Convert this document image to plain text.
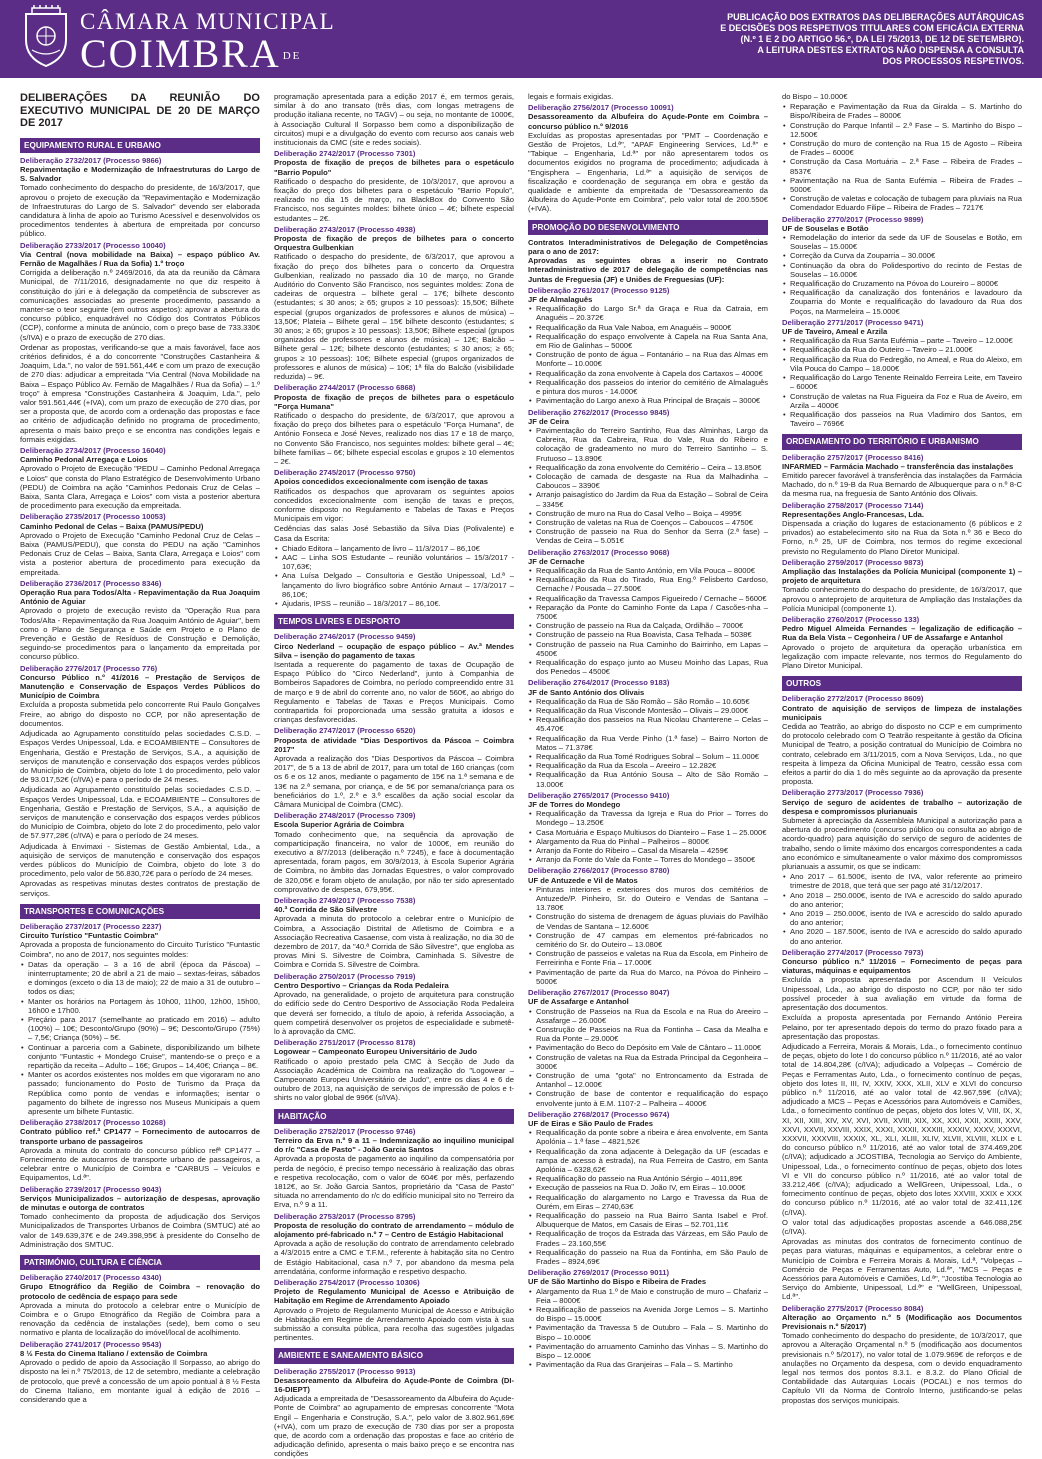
CÂMARA MUNICIPAL
COIMBRA $^{DE}$

PUBLICAÇÃO DOS EXTRATOS DAS DELIBERAÇÕES AUTÁRQUICAS

E DECISÕES DOS RESPETIVOS TITULARES COM EFICÁCIA EXTERNA

(N.º 1 E 2 DO ARTIGO 56.º, DA LEI 75/2013, DE 12 DE SETEMBRO).

A LEITURA DESTES EXTRATOS NÃO DISPENSA A CONSULTA

DOS PROCESSOS RESPETIVOS.

DELIBERAÇÕES DA REUNIÃO DO EXECUTIVO MUNICIPAL DE 20 DE MARÇO DE 2017
EQUIPAMENTO RURAL E URBANO
Deliberação 2732/2017 (Processo 9866)
Repavimentação e Modernização de Infraestruturas do Largo de S. Salvador

Tomado conhecimento do despacho do presidente, de 16/3/2017, que aprovou o projeto de execução da "Repavimentação e Modernização de Infraestruturas do Largo de S. Salvador" devendo ser elaborada candidatura à linha de apoio ao Turismo Acessível e desenvolvidos os procedimentos tendentes à abertura de empreitada por concurso público.

Deliberação 2733/2017 (Processo 10040)
Via Central (nova mobilidade na Baixa) – espaço público Av. Fernão de Magalhães / Rua da Sofia) 1.º troço

Corrigida a deliberação n.º 2469/2016, da ata da reunião da Câmara Municipal, de 7/11/2016, designadamente no que diz respeito à constituição do júri e à delegação da competência de subscrever as comunicações associadas ao presente procedimento, passando a manter-se o teor seguinte (em outros aspetos): aprovar a abertura do concurso público, enquadrável no Código dos Contratos Públicos (CCP), conforme a minuta de anúncio, com o preço base de 733.330€ (s/IVA) e o prazo de execução de 270 dias.

Ordenar as propostas, verificando-se que a mais favorável, face aos critérios definidos, é a do concorrente "Construções Castanheira & Joaquim, Lda.", no valor de 591.561,44€ e com um prazo de execução de 270 dias: adjudicar a empreitada "Via Central (Nova Mobilidade na Baixa – Espaço Público Av. Fernão de Magalhães / Rua da Sofia) – 1.º troço" à empresa "Construções Castanheira & Joaquim, Lda.", pelo valor 591.561,44€ (+IVA), com um prazo de execução de 270 dias, por ser a proposta que, de acordo com a ordenação das propostas e face ao critério de adjudicação definido no programa de procedimento, apresenta o mais baixo preço e se encontra nas condições legais e formais exigidas.

Deliberação 2734/2017 (Processo 16040)
Caminho Pedonal Arregaça e Loios

Aprovado o Projeto de Execução "PEDU – Caminho Pedonal Arregaça e Loios" que consta do Plano Estratégico de Desenvolvimento Urbano (PEDU) de Coimbra na ação "Caminhos Pedonais Cruz de Celas – Baixa, Santa Clara, Arregaça e Loios" com vista a posterior abertura de procedimento para execução da empreitada.

Deliberação 2735/2017 (Processo 10053)
Caminho Pedonal de Celas – Baixa (PAMUS/PEDU)

Aprovado o Projeto de Execução "Caminho Pedonal Cruz de Celas – Baixa (PAMUS/PEDU), que consta do PEDU na ação "Caminhos Pedonais Cruz de Celas – Baixa, Santa Clara, Arregaça e Loios" com vista a posterior abertura de procedimento para execução da empreitada.

Deliberação 2736/2017 (Processo 8346)
Operação Rua para Todos/Alta - Repavimentação da Rua Joaquim António de Aguiar

Aprovado o projeto de execução revisto da "Operação Rua para Todos/Alta - Repavimentação da Rua Joaquim António de Aguiar", bem como o Plano de Segurança e Saúde em Projeto e o Plano de Prevenção e Gestão de Resíduos de Construção e Demolição, seguindo-se procedimentos para o lançamento da empreitada por concurso público.

Deliberação 2776/2017 (Processo 776)
Concurso Público n.º 41/2016 – Prestação de Serviços de Manutenção e Conservação de Espaços Verdes Públicos do Município de Coimbra

Excluída a proposta submetida pelo concorrente Rui Paulo Gonçalves Freire, ao abrigo do disposto no CCP, por não apresentação de documentos.

Adjudicada ao Agrupamento constituído pelas sociedades C.S.D. – Espaços Verdes Unipessoal, Lda. e ECOAMBIENTE – Consultores de Engenharia, Gestão e Prestação de Serviços, S.A., a aquisição de serviços de manutenção e conservação dos espaços verdes públicos do Município de Coimbra, objeto do lote 1 do procedimento, pelo valor de 93.017,52€ (c/IVA) e para o período de 24 meses.

Adjudicada ao Agrupamento constituído pelas sociedades C.S.D. – Espaços Verdes Unipessoal, Lda. e ECOAMBIENTE – Consultores de Engenharia, Gestão e Prestação de Serviços, S.A., a aquisição de serviços de manutenção e conservação dos espaços verdes públicos do Município de Coimbra, objeto do lote 2 do procedimento, pelo valor de 57.977,28€ (c/IVA) e para o período de 24 meses.

Adjudicada à Envimaxi - Sistemas de Gestão Ambiental, Lda., a aquisição de serviços de manutenção e conservação dos espaços verdes públicos do Município de Coimbra, objeto do lote 3 do procedimento, pelo valor de 56.830,72€ para o período de 24 meses.

Aprovadas as respetivas minutas destes contratos de prestação de serviços.

TRANSPORTES E COMUNICAÇÕES
Deliberação 2737/2017 (Processo 2237)
Circuito Turístico "Funtastic Coimbra"

Aprovada a proposta de funcionamento do Circuito Turístico "Funtastic Coimbra", no ano de 2017, nos seguintes moldes:

• Datas da operação – 3 a 16 de abril (época da Páscoa) – ininterruptamente; 20 de abril a 21 de maio – sextas-feiras, sábados e domingos (exceto o dia 13 de maio); 22 de maio a 31 de outubro – todos os dias;
• Manter os horários na Portagem às 10h00, 11h00, 12h00, 15h00, 16h00 e 17h00.
• Preçário para 2017 (semelhante ao praticado em 2016) – adulto (100%) – 10€; Desconto/Grupo (90%) – 9€; Desconto/Grupo (75%) – 7,5€; Criança (50%) – 5€.
• Continuar a parceria com a Gabinete, disponibilizando um bilhete conjunto "Funtastic + Mondego Cruise", mantendo-se o preço e a repartição da receita – Adulto – 16€; Grupos – 14,40€; Criança – 8€.
• Manter os acordos existentes nos moldes em que vigoraram no ano passado; funcionamento do Posto de Turismo da Praça da República como ponto de vendas e informações; isentar o pagamento do bilhete de ingresso nos Museus Municipais a quem apresente um bilhete Funtastic.
Deliberação 2738/2017 (Processo 10268)
Contrato público ref.ª CP1477 – Fornecimento de autocarros de transporte urbano de passageiros

Aprovada a minuta do contrato do concurso público refª CP1477 – Fornecimento de autocarros de transporte urbano de passageiros, a celebrar entre o Município de Coimbra e "CARBUS – Veículos e Equipamentos, Ld.ª".

Deliberação 2739/2017 (Processo 9043)
Serviços Municipalizados – autorização de despesas, aprovação de minutas e outorga de contratos

Tomado conhecimento da proposta de adjudicação dos Serviços Municipalizados de Transportes Urbanos de Coimbra (SMTUC) até ao valor de 149.639,37€ e de 249.398,95€ à presidente do Conselho de Administração dos SMTUC.

PATRIMÓNIO, CULTURA E CIÊNCIA
Deliberação 2740/2017 (Processo 4340)
Grupo Etnográfico da Região de Coimbra – renovação do protocolo de cedência de espaço para sede

Aprovada a minuta do protocolo a celebrar entre o Município de Coimbra e o Grupo Etnográfico da Região de Coimbra para a renovação da cedência de instalações (sede), bem como o seu normativo e planta de localização do imóvel/local de acolhimento.

Deliberação 2741/2017 (Processo 9543)
8 ½ Festa do Cinema Italiano / extensão de Coimbra

Aprovado o pedido de apoio da Associação Il Sorpasso, ao abrigo do disposto na lei n.º 75/2013, de 12 de setembro, mediante a celebração de protocolo, que prevê a concessão de um apoio pontual à 8 ½ Festa do Cinema Italiano, em montante igual à edição de 2016 – considerando que a

programação apresentada para a edição 2017 é, em termos gerais, similar à do ano transato (três dias, com longas metragens de produção italiana recente, no TAGV) – ou seja, no montante de 1000€, à Associação Cultural Il Sorpasso bem como a disponibilização de circuitos) mupi e a divulgação do evento com recurso aos canais web institucionais da CMC (site e redes sociais).

Deliberação 2742/2017 (Processo 7301)
Proposta de fixação de preços de bilhetes para o espetáculo "Barrio Populo"

Ratificado o despacho do presidente, de 10/3/2017, que aprovou a fixação do preço dos bilhetes para o espetáculo "Barrio Populo", realizado no dia 15 de março, na BlackBox do Convento São Francisco, nos seguintes moldes: bilhete único – 4€; bilhete especial estudantes – 2€.

Deliberação 2743/2017 (Processo 4938)
Proposta de fixação de preços de bilhetes para o concerto Orquestra Gulbenkian

Ratificado o despacho do presidente, de 6/3/2017, que aprovou a fixação do preço dos bilhetes para o concerto da Orquestra Gulbenkian, realizado no passado dia 10 de março, no Grande Auditório do Convento São Francisco, nos seguintes moldes: Zona de cadeiras de orquestra – bilhete geral – 17€; bilhete desconto (estudantes; ≤ 30 anos; ≥ 65; grupos ≥ 10 pessoas): 15,50€; Bilhete especial (grupos organizados de professores e alunos de música) – 13,50€; Plateia – Bilhete geral – 15€ bilhete desconto (estudantes; ≤ 30 anos; ≥ 65; grupos ≥ 10 pessoas): 13,50€; Bilhete especial (grupos organizados de professores e alunos de música) – 12€; Balcão – Bilhete geral – 12€; bilhete desconto (estudantes; ≤ 30 anos; ≥ 65; grupos ≥ 10 pessoas): 10€; Bilhete especial (grupos organizados de professores e alunos de música) – 10€; 1ª fila do Balcão (visibilidade reduzida) – 9€.

Deliberação 2744/2017 (Processo 6868)
Proposta de fixação de preços de bilhetes para o espetáculo "Força Humana"

Ratificado o despacho do presidente, de 6/3/2017, que aprovou a fixação do preço dos bilhetes para o espetáculo "Força Humana", de António Fonseca e José Neves, realizado nos dias 17 e 18 de março, no Convento São Francisco, nos seguintes moldes: bilhete geral – 4€; bilhete famílias – 6€; bilhete especial escolas e grupos ≥ 10 elementos – 2€.

Deliberação 2745/2017 (Processo 9750)
Apoios concedidos excecionalmente com isenção de taxas

Ratificados os despachos que aprovaram os seguintes apoios concedidos excecionalmente com isenção de taxas e preços, conforme disposto no Regulamento e Tabelas de Taxas e Preços Municipais em vigor:

Cedências das salas José Sebastião da Silva Dias (Polivalente) e Casa da Escrita:

• Chiado Editora – lançamento de livro – 11/3/2017 – 86,10€
• AAC – Linha SOS Estudante – reunião voluntários – 15/3/2017 - 107,63€;
• Ana Luísa Delgado – Consultoria e Gestão Unipessoal, Ld.ª – lançamento do livro biográfico sobre António Arnaut – 17/3/2017 – 86,10€;
• Ajudaris, IPSS – reunião – 18/3/2017 – 86,10€.
TEMPOS LIVRES E DESPORTO
Deliberação 2746/2017 (Processo 9459)
Circo Nederland – ocupação de espaço público – Av.ª Mendes Silva – isenção do pagamento de taxas

Isentada a requerente do pagamento de taxas de Ocupação de Espaço Público do "Circo Nederland", junto à Companhia de Bombeiros Sapadores de Coimbra, no período compreendido entre 31 de março e 9 de abril do corrente ano, no valor de 560€, ao abrigo do Regulamento e Tabelas de Taxas e Preços Municipais. Como contrapartida foi proporcionada uma sessão gratuita a idosos e crianças desfavorecidas.

Deliberação 2747/2017 (Processo 6520)
Proposta de atividade "Dias Desportivos da Páscoa – Coimbra 2017"

Aprovada a realização dos "Dias Desportivos da Páscoa – Coimbra 2017", de 5 a 13 de abril de 2017, para um total de 160 crianças (com os 6 e os 12 anos, mediante o pagamento de 15€ na 1.ª semana e de 13€ na 2.ª semana, por criança, e de 5€ por semana/criança para os beneficiários do 1.º, 2.º e 3.º escalões da ação social escolar da Câmara Municipal de Coimbra (CMC).

Deliberação 2748/2017 (Processo 7309)
Escola Superior Agrária de Coimbra

Tomado conhecimento que, na sequência da aprovação de comparticipação financeira, no valor de 1000€, em reunião do executivo a 8/7/2013 (deliberação n.º 7245), e face à documentação apresentada, foram pagos, em 30/9/2013, à Escola Superior Agrária de Coimbra, no âmbito das Jornadas Equestres, o valor comprovado de 320,05€ e foram objeto de anulação, por não ter sido apresentado comprovativo de despesa, 679,95€.

Deliberação 2749/2017 (Processo 7538)
40.ª Corrida de São Silvestre

Aprovada a minuta do protocolo a celebrar entre o Município de Coimbra, a Associação Distrital de Atletismo de Coimbra e a Associação Recreativa Casaense, com vista à realização, no dia 30 de dezembro de 2017, da "40.ª Corrida de São Silvestre", que engloba as provas Mini S. Silvestre de Coimbra, Caminhada S. Silvestre de Coimbra e Corrida S. Silvestre de Coimbra.

Deliberação 2750/2017 (Processo 7919)
Centro Desportivo – Crianças da Roda Pedaleira

Aprovado, na generalidade, o projeto de arquitetura para construção do edifício sede do Centro Desportivo de Associação Roda Pedaleira que deverá ser fornecido, a título de apoio, à referida Associação, a quem competirá desenvolver os projetos de especialidade e submetê-lo à aprovação da CMC.

Deliberação 2751/2017 (Processo 8178)
Logowear – Campeonato Europeu Universitário de Judo

Ratificado o apoio prestado pela CMC à Secção de Judo da Associação Académica de Coimbra na realização do "Logowear – Campeonato Europeu Universitário de Judo", entre os dias 4 e 6 de outubro de 2013, na aquisição de serviços de impressão de polos e t-shirts no valor global de 996€ (s/IVA).

HABITAÇÃO
Deliberação 2752/2017 (Processo 9746)
Terreiro da Erva n.º 9 a 11 – Indemnização ao inquilino municipal do r/c "Casa de Pasto" - João Garcia Santos

Aprovada a proposta de pagamento ao inquilino da compensatória por perda de negócio, é preciso tempo necessário à realização das obras e respetiva recolocação, com o valor de 604€ por mês, perfazendo 1812€, ao Sr. João Garcia Santos, proprietário da "Casa de Pasto" situada no arrendamento do r/c do edifício municipal sito no Terreiro da Erva, n.º 9 a 11.

Deliberação 2753/2017 (Processo 8795)
Proposta de resolução do contrato de arrendamento – módulo de alojamento pré-fabricado n.º 7 – Centro de Estágio Habitacional

Aprovada a ação de resolução do contrato de arrendamento celebrado a 4/3/2015 entre a CMC e T.F.M., referente à habitação sita no Centro de Estágio Habitacional, casa n.º 7, por abandono da mesma pela arrendatária, conforme informação e respetivo despacho.

Deliberação 2754/2017 (Processo 10306)
Projeto de Regulamento Municipal de Acesso e Atribuição de Habitação em Regime de Arrendamento Apoiado

Aprovado o Projeto de Regulamento Municipal de Acesso e Atribuição de Habitação em Regime de Arrendamento Apoiado com vista à sua submissão a consulta pública, para recolha das sugestões julgadas pertinentes.

AMBIENTE E SANEAMENTO BÁSICO
Deliberação 2755/2017 (Processo 9913)
Desassoreamento da Albufeira do Açude-Ponte de Coimbra (DI-16-DIEPT)

Adjudicada a empreitada de "Desassoreamento da Albufeira do Açude-Ponte de Coimbra" ao agrupamento de empresas concorrente "Mota Engil – Engenharia e Construção, S.A.", pelo valor de 3.802.961,69€ (+IVA), com um prazo de execução de 730 dias por ser a proposta que, de acordo com a ordenação das propostas e face ao critério de adjudicação definido, apresenta o mais baixo preço e se encontra nas condições

legais e formais exigidas.

Deliberação 2756/2017 (Processo 10091)
Desassoreamento da Albufeira do Açude-Ponte em Coimbra – concurso público n.º 9/2016

Excluídas as propostas apresentadas por "PMT – Coordenação e Gestão de Projetos, Ld.ª", "APAF Engineering Services, Ld.ª" e "Tabique – Engenharia, Ld.ª" por não apresentarem todos os documentos exigidos no programa de procedimento; adjudicada à "Engisphera – Engenharia, Ld.ª" a aquisição de serviços de fiscalização e coordenação de segurança em obra e gestão da qualidade e ambiente da empreitada de "Desassoreamento da Albufeira do Açude-Ponte em Coimbra", pelo valor total de 200.550€ (+IVA).

PROMOÇÃO DO DESENVOLVIMENTO
Contratos Interadministrativos de Delegação de Competências para o ano de 2017:
Aprovadas as seguintes obras a inserir no Contrato Interadministrativo de 2017 de delegação de competências nas Juntas de Freguesia (JF) e Uniões de Freguesias (UF):
Deliberação 2761/2017 (Processo 9125)
JF de Almalaguês
• Requalificação do Largo Sr.ª da Graça e Rua da Catraia, em Anaguéis – 20.372€
• Requalificação da Rua Vale Naboa, em Anaguéis – 9000€
• Requalificação do espaço envolvente à Capela na Rua Santa Ana, em Rio de Galinhas – 5000€
• Construção de ponto de água – Fontanário – na Rua das Almas em Monforte – 10.000€
• Requalificação da zona envolvente à Capela dos Cartaxos – 4000€
• Requalificação dos passeios do interior do cemitério de Almalaguês e pintura dos muros - 14.000€
• Pavimentação do Largo anexo à Rua Principal de Braçais – 3000€
Deliberação 2762/2017 (Processo 9845)
JF de Ceira
• Pavimentação do Terreiro Santinho, Rua das Alminhas, Largo da Cabreira, Rua da Cabreira, Rua do Vale, Rua do Ribeiro e colocação de gradeamento no muro do Terreiro Santinho – S. Frutuoso – 13.890€
• Requalificação da zona envolvente do Cemitério – Ceira – 13.850€
• Colocação de camada de desgaste na Rua da Malhadinha – Caboucos – 3390€
• Arranjo paisagístico do Jardim da Rua da Estação – Sobral de Ceira – 3345€
• Construção de muro na Rua do Casal Velho – Boiça – 4995€
• Construção de valetas na Rua de Coenços – Caboucos – 4750€
• Construção de passeio na Rua do Senhor da Serra (2.ª fase) – Vendas de Ceira – 5.051€
Deliberação 2763/2017 (Processo 9068)
JF de Cernache
• Requalificação da Rua de Santo António, em Vila Pouca – 8000€
• Requalificação da Rua do Tirado, Rua Eng.º Felisberto Cardoso, Cernache / Pousada – 27.500€
• Requalificação da Travessa Campos Figueiredo / Cernache – 5600€
• Reparação da Ponte do Caminho Fonte da Lapa / Cascões-nha – 7500€
• Construção de passeio na Rua da Calçada, Ordilhão – 7000€
• Construção de passeio na Rua Boavista, Casa Telhada – 5038€
• Construção de passeio na Rua Caminho do Bairrinho, em Lapas – 4500€
• Requalificação do espaço junto ao Museu Moinho das Lapas, Rua dos Penedos – 4500€
Deliberação 2764/2017 (Processo 9183)
JF de Santo António dos Olivais
• Requalificação da Rua de São Romão – São Romão – 10.605€
• Requalificação da Rua Visconde Montesão – Olivais – 29.000€
• Requalificação dos passeios na Rua Nicolau Chanterene – Celas – 45.470€
• Requalificação da Rua Verde Pinho (1.ª fase) – Bairro Norton de Matos – 71.378€
• Requalificação da Rua Tomé Rodrigues Sobral – Solum – 11.000€
• Requalificação da Rua da Escola – Areeiro – 12.282€
• Requalificação da Rua António Sousa – Alto de São Romão – 13.000€
Deliberação 2765/2017 (Processo 9410)
JF de Torres do Mondego
• Requalificação da Travessa da Igreja e Rua do Prior – Torres do Mondego – 13.250€
• Casa Mortuária e Espaço Multiusos do Dianteiro – Fase 1 – 25.000€
• Alargamento da Rua do Pinhal – Palheiros – 8000€
• Arranjo da Fonte do Ribeiro – Casal da Misarela – 4259€
• Arranjo da Fonte do Vale da Fonte – Torres do Mondego – 3500€
Deliberação 2766/2017 (Processo 8780)
UF de Antuzede e Vil de Matos
• Pinturas interiores e exteriores dos muros dos cemitérios de Antuzede/P. Pinheiro, Sr. do Outeiro e Vendas de Santana – 13.780€
• Construção do sistema de drenagem de águas pluviais do Pavilhão de Vendas de Santana – 12.600€
• Construção de 47 campas em elementos pré-fabricados no cemitério do Sr. do Outeiro – 13.080€
• Construção de passeios e valetas na Rua da Escola, em Pinheiro de Ferreirinha e Fonte Fria – 17.000€
• Pavimentação de parte da Rua do Marco, na Póvoa do Pinheiro – 5000€
Deliberação 2767/2017 (Processo 8047)
UF de Assafarge e Antanhol
• Construção de Passeios na Rua da Escola e na Rua do Areeiro – Assafarge – 26.000€
• Construção de Passeios na Rua da Fontinha – Casa da Mealha e Rua da Ponte – 29.000€
• Pavimentação do Beco do Depósito em Vale de Cântaro – 11.000€
• Construção de valetas na Rua da Estrada Principal da Cegonheira – 3000€
• Construção de uma "gota" no Entroncamento da Estrada de Antanhol – 12.000€
• Construção de base de contentor e requalificação do espaço envolvente junto à E.M. 1107-2 – Palheira – 4000€
Deliberação 2768/2017 (Processo 9674)
UF de Eiras e São Paulo de Frades
• Requalificação da ponte sobre a ribeira e área envolvente, em Santa Apolónia – 1.ª fase – 4821,52€
• Requalificação da zona adjacente à Delegação da UF (escadas e rampa de acesso à estrada), na Rua Ferreira de Castro, em Santa Apolónia – 6328,62€
• Requalificação do passeio na Rua António Sérgio – 4011,89€
• Execução de passeios na Rua D. João IV, em Eiras – 10.000€
• Requalificação do alargamento no Largo e Travessa da Rua de Ourém, em Eiras – 2740,63€
• Requalificação do passeio na Rua Bairro Santa Isabel e Prof. Albuquerque de Matos, em Casais de Eiras – 52.701,11€
• Requalificação de troços da Estrada das Várzeas, em São Paulo de Frades – 23.160,55€
• Requalificação do passeio na Rua da Fontinha, em São Paulo de Frades – 8924,69€
Deliberação 2769/2017 (Processo 9011)
UF de São Martinho do Bispo e Ribeira de Frades
• Alargamento da Rua 1.º de Maio e construção de muro – Chafariz – Feia – 8000€
• Requalificação de passeios na Avenida Jorge Lemos – S. Martinho do Bispo – 15.000€
• Pavimentação da Travessa 5 de Outubro – Fala – S. Martinho do Bispo – 10.000€
• Pavimentação do arruamento Caminho das Vinhas – S. Martinho do Bispo – 12.000€
• Pavimentação da Rua das Granjeiras – Fala – S. Martinho

do Bispo – 10.000€

• Reparação e Pavimentação da Rua da Giralda – S. Martinho do Bispo/Ribeira de Frades – 8000€
• Construção do Parque Infantil – 2.ª Fase – S. Martinho do Bispo – 12.500€
• Construção do muro de contenção na Rua 15 de Agosto – Ribeira de Frades – 6000€
• Construção da Casa Mortuária – 2.ª Fase – Ribeira de Frades – 8537€
• Pavimentação na Rua de Santa Eufémia – Ribeira de Frades – 5000€
• Construção de valetas e colocação de tubagem para pluviais na Rua Comendador Eduardo Filipe – Ribeira de Frades – 7217€
Deliberação 2770/2017 (Processo 9899)
UF de Souselas e Botão
• Remodelação do interior da sede da UF de Souselas e Botão, em Souselas – 15.000€
• Correção da Curva da Zouparria – 30.000€
• Continuação da obra do Polidesportivo do recinto de Festas de Souselas – 16.000€
• Requalificação do Cruzamento na Póvoa do Loureiro – 8000€
• Requalificação da canalização dos fontenários e lavadouro da Zouparria do Monte e requalificação do lavadouro da Rua dos Poços, na Marmeleira – 15.000€
Deliberação 2771/2017 (Processo 9471)
UF de Taveiro, Ameal e Arzila
• Requalificação da Rua Santa Eufémia – parte – Taveiro – 12.000€
• Requalificação da Rua do Outeiro – Taveiro – 21.000€
• Requalificação da Rua do Fedregão, no Ameal, e Rua do Aleixo, em Vila Pouca do Campo – 18.000€
• Requalificação do Largo Tenente Reinaldo Ferreira Leite, em Taveiro – 6000€
• Construção de valetas na Rua Figueira da Foz e Rua de Aveiro, em Arzila – 4000€
• Requalificação dos passeios na Rua Vladimiro dos Santos, em Taveiro – 7696€
ORDENAMENTO DO TERRITÓRIO E URBANISMO
Deliberação 2757/2017 (Processo 8416)
INFARMED – Farmácia Machado – transferência das instalações

Emitido parecer favorável à transferência das instalações da Farmácia Machado, do n.º 19-B da Rua Bernardo de Albuquerque para o n.º 8-C da mesma rua, na freguesia de Santo António dos Olivais.

Deliberação 2758/2017 (Processo 7144)
Representações Anglo-Francesas, Lda.

Dispensada a criação do lugares de estacionamento (6 públicos e 2 privados) ao estabelecimento sito na Rua da Sota n.º 36 e Beco do Forno, n.º 25, UF de Coimbra, nos termos do regime excecional previsto no Regulamento do Plano Diretor Municipal.

Deliberação 2759/2017 (Processo 9873)
Ampliação das Instalações da Polícia Municipal (componente 1) – projeto de arquitetura

Tomado conhecimento do despacho do presidente, de 16/3/2017, que aprovou o anteprojeto de arquitetura de Ampliação das Instalações da Polícia Municipal (componente 1).

Deliberação 2760/2017 (Processo 133)
Pedro Miguel Almeida Fernandes – legalização de edificação – Rua da Bela Vista – Cegonheira / UF de Assafarge e Antanhol

Aprovado o projeto de arquitetura da operação urbanística em legalização com impacte relevante, nos termos do Regulamento do Plano Diretor Municipal.

OUTROS
Deliberação 2772/2017 (Processo 8609)
Contrato de aquisição de serviços de limpeza de instalações municipais

Cedida ao Teatrão, ao abrigo do disposto no CCP e em cumprimento do protocolo celebrado com O Teatrão respeitante à gestão da Oficina Municipal de Teatro, a posição contratual do Município de Coimbra no contrato, celebrado em 3/11/2015, com a Nova Serviços, Lda., no que respeita à limpeza da Oficina Municipal de Teatro, cessão essa com efeitos a partir do dia 1 do mês seguinte ao da aprovação da presente proposta.

Deliberação 2773/2017 (Processo 7936)
Serviço de seguro de acidentes de trabalho – autorização de despesa e compromissos plurianuais

Submeter à apreciação da Assembleia Municipal a autorização para a abertura do procedimento (concurso público ou consulta ao abrigo de acordo-quadro) para aquisição do serviço de seguro de acidentes de trabalho, sendo o limite máximo dos encargos correspondentes a cada ano económico e simultaneamente o valor máximo dos compromissos plurianuais a assumir, os que se indicam:

• Ano 2017 – 61.500€, isento de IVA, valor referente ao primeiro trimestre de 2018, que terá que ser pago até 31/12/2017.
• Ano 2018 – 250.000€, isento de IVA e acrescido do saldo apurado do ano anterior;
• Ano 2019 – 250.000€, isento de IVA e acrescido do saldo apurado do ano anterior;
• Ano 2020 – 187.500€, isento de IVA e acrescido do saldo apurado do ano anterior.
Deliberação 2774/2017 (Processo 7973)
Concurso público n.º 11/2016 – Fornecimento de peças para viaturas, máquinas e equipamentos

Excluída a proposta apresentada por Ascendum II Veículos Unipessoal, Lda., ao abrigo do disposto no CCP, por não ter sido possível proceder à sua avaliação em virtude da forma de apresentação dos documentos.

Excluída a proposta apresentada por Fernando António Pereira Pelaino, por ter apresentado depois do termo do prazo fixado para a apresentação das propostas.

Adjudicado a Ferreira, Morais & Morais, Lda., o fornecimento contínuo de peças, objeto do lote I do concurso público n.º 11/2016, até ao valor total de 14.804,28€ (c/IVA); adjudicado a Volpeças – Comércio de Peças e Ferramentas Auto, Lda., o fornecimento contínuo de peças, objeto dos lotes II, III, IV, XXIV, XXX, XLII, XLV e XLVI do concurso público n.º 11/2016, até ao valor total de 42.967,59€ (c/IVA); adjudicado a MCS – Peças e Acessórios para Automóveis e Camiões, Lda., o fornecimento contínuo de peças, objeto dos lotes V, VIII, IX, X, XI, XII, XIII, XIV, XV, XVI, XVII, XVIII, XIX, XX, XXI, XXII, XXIII, XXV, XXVI, XXVII, XXVIII, XXIX, XXXI, XXXII, XXXIII, XXXIV, XXXV, XXXVI, XXXVII, XXXVIII, XXXIX, XL, XLI, XLIII, XLIV, XLVII, XLVIII, XLIX e L do concurso público n.º 11/2016, até ao valor total de 374.469,20€ (c/IVA); adjudicado a JCOSTIBA, Tecnologia ao Serviço do Ambiente, Unipessoal, Lda., o fornecimento contínuo de peças, objeto dos lotes VI e VII do concurso público n.º 11/2016, até ao valor total de 33.212,46€ (c/IVA); adjudicado a WellGreen, Unipessoal, Lda., o fornecimento contínuo de peças, objeto dos lotes XXVIII, XXIX e XXX do concurso público n.º 11/2016, até ao valor total de 32.411,12€ (c/IVA).

O valor total das adjudicações propostas ascende a 646.088,25€ (c/IVA).

Aprovadas as minutas dos contratos de fornecimento contínuo de peças para viaturas, máquinas e equipamentos, a celebrar entre o Município de Coimbra e Ferreira Morais & Morais, Ld.ª, "Volpeças – Comércio de Peças e Ferramentas Auto, Ld.ª", "MCS – Peças e Acessórios para Automóveis e Camiões, Ld.ª", "Jcostiba Tecnologia ao Serviço do Ambiente, Unipessoal, Ld.ª" e "WellGreen, Unipessoal, Ld.ª".

Deliberação 2775/2017 (Processo 8084)
Alteração ao Orçamento n.º 5 (Modificação aos Documentos Previsionais n.º 5/2017)

Tomado conhecimento do despacho do presidente, de 10/3/2017, que aprovou a Alteração Orçamental n.º 5 (modificação aos documentos previsionais n.º 5/2017), no valor total de 1.079.969€ de reforços e de anulações no Orçamento da despesa, com o devido enquadramento legal nos termos dos pontos 8.3.1. e 8.3.2. do Plano Oficial de Contabilidade das Autarquias Locais (POCAL) e nos termos do Capítulo VII da Norma de Controlo Interno, justificando-se pelas propostas dos serviços municipais.
